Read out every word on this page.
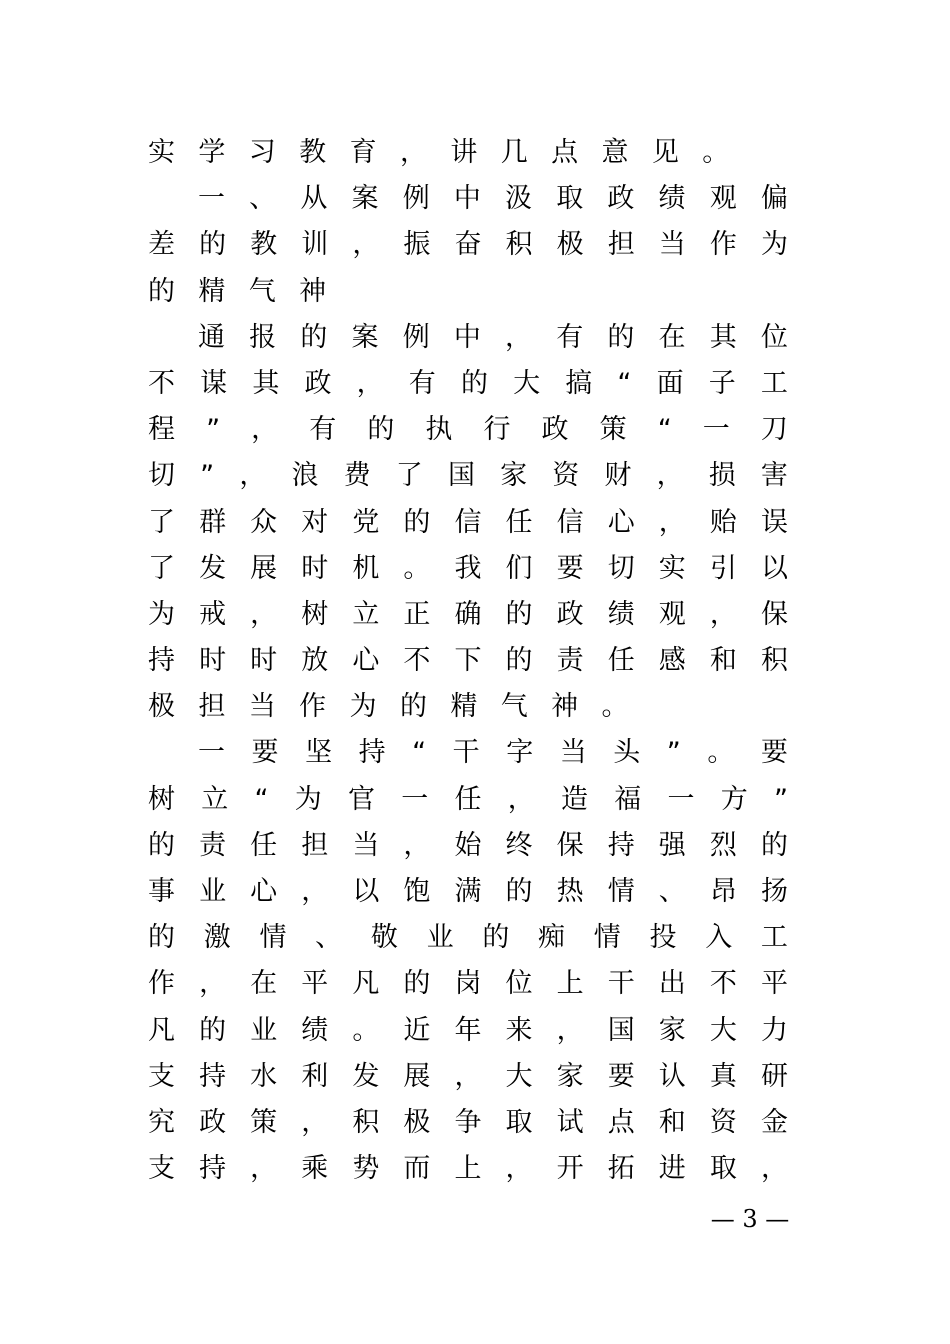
实 学 习 教 育 ， 讲 几 点 意 见 。
一 、 从 案 例 中 汲 取 政 绩 观 偏
差 的 教 训 ， 振 奋 积 极 担 当 作 为
的 精 气 神
通 报 的 案 例 中 ， 有 的 在 其 位
不 谋 其 政 ， 有 的 大 搞 “ 面 子 工
程 ” ， 有 的 执 行 政 策 “ 一 刀
切 ” ， 浪 费 了 国 家 资 财 ， 损 害
了 群 众 对 党 的 信 任 信 心 ， 贻 误
了 发 展 时 机 。 我 们 要 切 实 引 以
为 戒 ， 树 立 正 确 的 政 绩 观 ， 保
持 时 时 放 心 不 下 的 责 任 感 和 积
极 担 当 作 为 的 精 气 神 。
一 要 坚 持 “ 干 字 当 头 ” 。 要
树 立 “ 为 官 一 任 ， 造 福 一 方 ”
的 责 任 担 当 ， 始 终 保 持 强 烈 的
事 业 心 ， 以 饱 满 的 热 情 、 昂 扬
的 激 情 、 敬 业 的 痴 情 投 入 工
作 ， 在 平 凡 的 岗 位 上 干 出 不 平
凡 的 业 绩 。 近 年 来 ， 国 家 大 力
支 持 水 利 发 展 ， 大 家 要 认 真 研
究 政 策 ， 积 极 争 取 试 点 和 资 金
支 持 ， 乘 势 而 上 ， 开 拓 进 取 ，
— 3 —
